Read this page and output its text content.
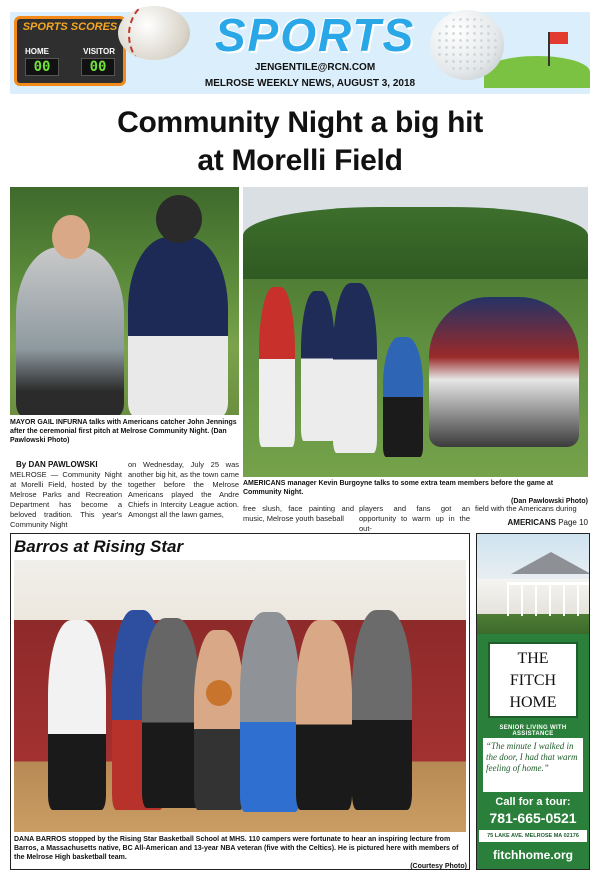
SPORTS SCORES
HOME	VISITOR
00	00
SPORTS
JENGENTILE@RCN.COM
MELROSE WEEKLY NEWS, AUGUST 3, 2018
Community Night a big hit
at Morelli Field
MAYOR GAIL INFURNA talks with Americans catcher John Jennings after the ceremonial first pitch at Melrose Community Night. (Dan Pawlowski Photo)
AMERICANS manager Kevin Burgoyne talks to some extra team members before the game at Community Night.
(Dan Pawlowski Photo)
By DAN PAWLOWSKI

MELROSE — Community Night at Morelli Field, hosted by the Melrose Parks and Recreation Department has become a beloved tradition. This year's Community Night

on Wednesday, July 25 was another big hit, as the town came together before the Melrose Americans played the Andre Chiefs in Intercity League action. Amongst all the lawn games,

free slush, face painting and music, Melrose youth baseball

players and fans got an opportunity to warm up in the out-

field with the Americans during

AMERICANS Page 10
Barros at Rising Star
DANA BARROS stopped by the Rising Star Basketball School at MHS. 110 campers were fortunate to hear an inspiring lecture from Barros, a Massachusetts native, BC All-American and 13-year NBA veteran (five with the Celtics). He is pictured here with members of the Melrose High basketball team.
(Courtesy Photo)
THE
FITCH
HOME
SENIOR LIVING WITH ASSISTANCE
“The minute I walked in the door, I had that warm feeling of home.”
Call for a tour:
781-665-0521
75 LAKE AVE. MELROSE MA 02176
fitchhome.org
